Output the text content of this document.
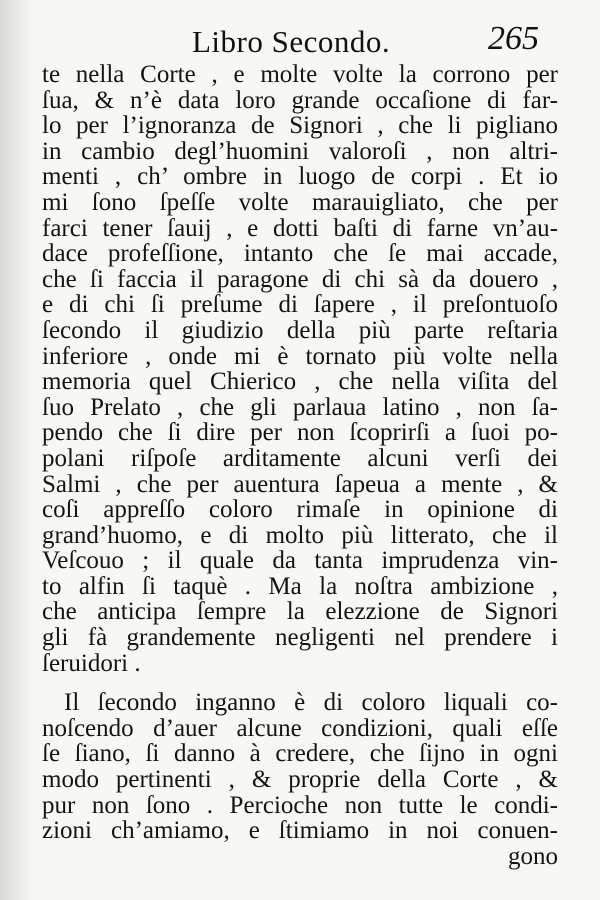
Libro Secondo.	265
te nella Corte , e molte volte la corrono per
ſua, & n’è data loro grande occaſione di far-
lo per l’ignoranza de Signori , che li pigliano
in cambio degl’huomini valoroſi , non altri-
menti , ch’ ombre in luogo de corpi . Et io
mi ſono ſpeſſe volte marauigliato, che per
farci tener ſauij , e dotti baſti di farne vn’au-
dace profeſſione, intanto che ſe mai accade,
che ſi faccia il paragone di chi sà da douero ,
e di chi ſi preſume di ſapere , il preſontuoſo
ſecondo il giudizio della più parte reſtaria
inferiore , onde mi è tornato più volte nella
memoria quel Chierico , che nella viſita del
ſuo Prelato , che gli parlaua latino , non ſa-
pendo che ſi dire per non ſcoprirſi a ſuoi po-
polani riſpoſe arditamente alcuni verſi dei
Salmi , che per auentura ſapeua a mente , &
coſi appreſſo coloro rimaſe in opinione di
grand’huomo, e di molto più litterato, che il
Veſcouo ; il quale da tanta imprudenza vin-
to alfin ſi taquè . Ma la noſtra ambizione ,
che anticipa ſempre la elezzione de Signori
gli fà grandemente negligenti nel prendere i
ſeruidori .
Il ſecondo inganno è di coloro liquali co-
noſcendo d’auer alcune condizioni, quali eſſe
ſe ſiano, ſi danno à credere, che ſijno in ogni
modo pertinenti , & proprie della Corte , &
pur non ſono . Percioche non tutte le condi-
zioni ch’amiamo, e ſtimiamo in noi conuen-
gono
